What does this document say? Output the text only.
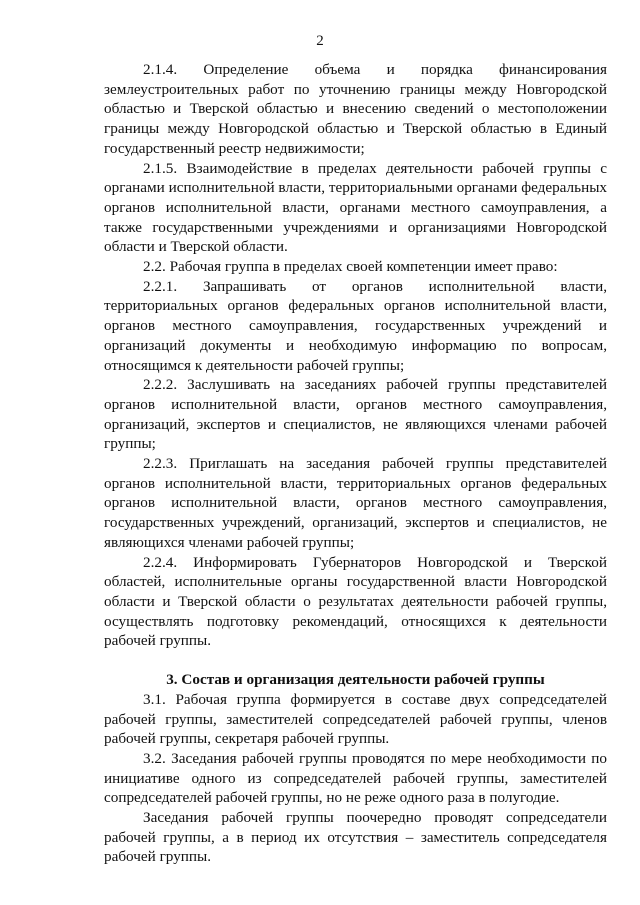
2

2.1.4. Определение объема и порядка финансирования землеустроительных работ по уточнению границы между Новгородской областью и Тверской областью и внесению сведений о местоположении границы между Новгородской областью и Тверской областью в Единый государственный реестр недвижимости;

2.1.5. Взаимодействие в пределах деятельности рабочей группы с органами исполнительной власти, территориальными органами федеральных органов исполнительной власти, органами местного самоуправления, а также государственными учреждениями и организациями Новгородской области и Тверской области.

2.2. Рабочая группа в пределах своей компетенции имеет право:

2.2.1. Запрашивать от органов исполнительной власти, территориальных органов федеральных органов исполнительной власти, органов местного самоуправления, государственных учреждений и организаций документы и необходимую информацию по вопросам, относящимся к деятельности рабочей группы;

2.2.2. Заслушивать на заседаниях рабочей группы представителей органов исполнительной власти, органов местного самоуправления, организаций, экспертов и специалистов, не являющихся членами рабочей группы;

2.2.3. Приглашать на заседания рабочей группы представителей органов исполнительной власти, территориальных органов федеральных органов исполнительной власти, органов местного самоуправления, государственных учреждений, организаций, экспертов и специалистов, не являющихся членами рабочей группы;

2.2.4. Информировать Губернаторов Новгородской и Тверской областей, исполнительные органы государственной власти Новгородской области и Тверской области о результатах деятельности рабочей группы, осуществлять подготовку рекомендаций, относящихся к деятельности рабочей группы.

3. Состав и организация деятельности рабочей группы

3.1. Рабочая группа формируется в составе двух сопредседателей рабочей группы, заместителей сопредседателей рабочей группы, членов рабочей группы, секретаря рабочей группы.

3.2. Заседания рабочей группы проводятся по мере необходимости по инициативе одного из сопредседателей рабочей группы, заместителей сопредседателей рабочей группы, но не реже одного раза в полугодие.

Заседания рабочей группы поочередно проводят сопредседатели рабочей группы, а в период их отсутствия – заместитель сопредседателя рабочей группы.
